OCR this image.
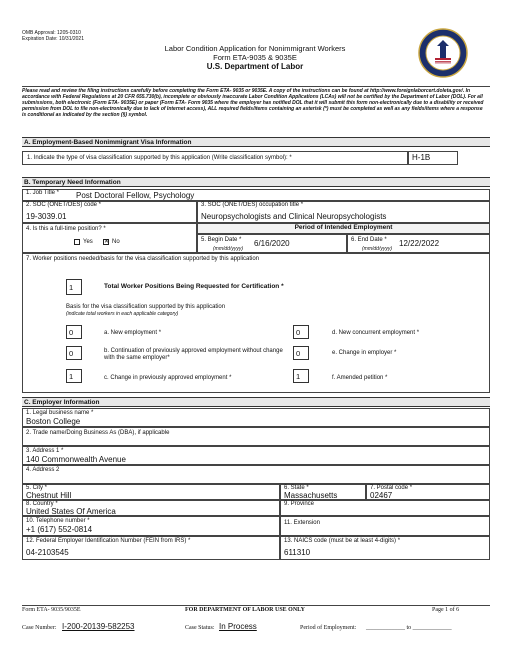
OMB Approval: 1205-0310
Expiration Date: 10/31/2021
Labor Condition Application for Nonimmigrant Workers
Form ETA-9035 & 9035E
U.S. Department of Labor
Please read and review the filing instructions carefully before completing the Form ETA- 9035 or 9035E. A copy of the instructions can be found at http://www.foreignlaborcert.doleta.gov/. In accordance with Federal Regulations at 20 CFR 655.730(b), incomplete or obviously inaccurate Labor Condition Applications (LCAs) will not be certified by the Department of Labor (DOL). For all submissions, both electronic (Form ETA- 9035E) or paper (Form ETA- Form 9035 where the employer has notified DOL that it will submit this form non-electronically due to a disability or received permission from DOL to file non-electronically due to lack of Internet access), ALL required fields/items containing an asterisk (*) must be completed as well as any fields/items where a response is conditional as indicated by the section (§) symbol.
A. Employment-Based Nonimmigrant Visa Information
1. Indicate the type of visa classification supported by this application (Write classification symbol): *	H-1B
B. Temporary Need Information
1. Job Title * Post Doctoral Fellow, Psychology
2. SOC (ONET/OES) code *
19-3039.01
3. SOC (ONET/OES) occupation title *
Neuropsychologists and Clinical Neuropsychologists
4. Is this a full-time position? *
Yes ✕ No
Period of Intended Employment
5. Begin Date * 6/16/2020
(mm/dd/yyyy)
6. End Date * 12/22/2022
(mm/dd/yyyy)
7. Worker positions needed/basis for the visa classification supported by this application
1	Total Worker Positions Being Requested for Certification *
Basis for the visa classification supported by this application
(indicate total workers in each applicable category)
0	a. New employment *
0	b. Continuation of previously approved employment without change with the same employer*
1	c. Change in previously approved employment *
0	d. New concurrent employment *
0	e. Change in employer *
1	f. Amended petition *
C. Employer Information
1. Legal business name *
Boston College
2. Trade name/Doing Business As (DBA), if applicable
3. Address 1 *
140 Commonwealth Avenue
4. Address 2
5. City *
Chestnut Hill
6. State *
Massachusetts
7. Postal code *
02467
8. Country *
United States Of America
9. Province
10. Telephone number *
+1 (617) 552-0814
11. Extension
12. Federal Employer Identification Number (FEIN from IRS) *
04-2103545
13. NAICS code (must be at least 4-digits) *
611310
Form ETA- 9035/9035E	FOR DEPARTMENT OF LABOR USE ONLY	Page 1 of 6
Case Number: I-200-20139-582253	Case Status: In Process	Period of Employment: _____________ to _____________
